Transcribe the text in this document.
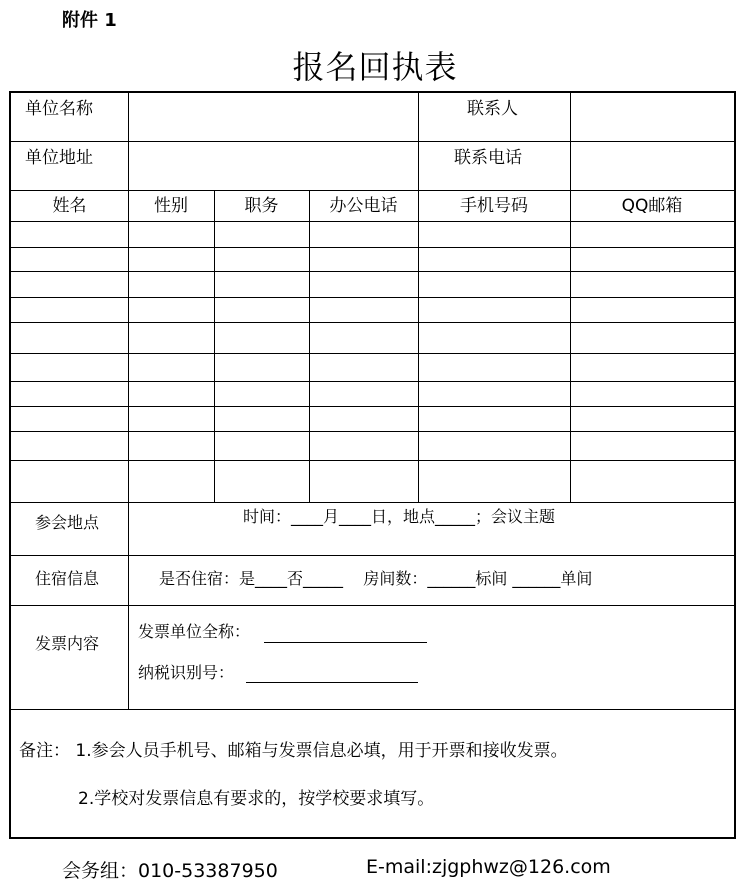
附件 1
报名回执表
单位名称	联系人
单位地址	联系电话
姓名	性别	职务	办公电话	手机号码	QQ邮箱
参会地点	时间：____月____日，地点_____；会议主题
住宿信息	是否住宿：是____否_____    房间数：______标间 ______单间
发票内容
发票单位全称：
纳税识别号：
备注： 1.参会人员手机号、邮箱与发票信息必填，用于开票和接收发票。
2.学校对发票信息有要求的，按学校要求填写。
会务组：010-53387950	E-mail:zjgphwz@126.com
